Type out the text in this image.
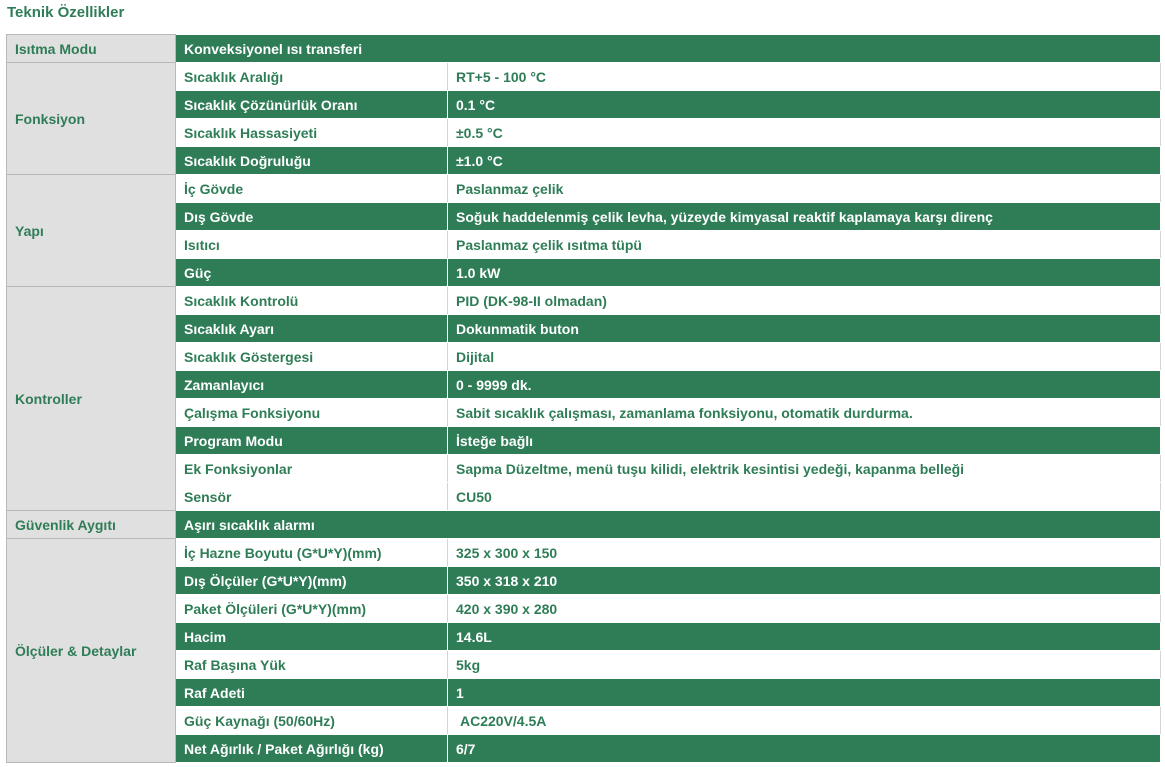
Teknik Özellikler
Isıtma Modu	Konveksiyonel ısı transferi	
Fonksiyon	Sıcaklık Aralığı	RT+5 - 100 °C
	Sıcaklık Çözünürlük Oranı	0.1 °C
	Sıcaklık Hassasiyeti	±0.5 °C
	Sıcaklık Doğruluğu	±1.0 °C
Yapı	İç Gövde	Paslanmaz çelik
	Dış Gövde	Soğuk haddelenmiş çelik levha, yüzeyde kimyasal reaktif kaplamaya karşı direnç
	Isıtıcı	Paslanmaz çelik ısıtma tüpü
	Güç	1.0 kW
Kontroller	Sıcaklık Kontrolü	PID (DK-98-II olmadan)
	Sıcaklık Ayarı	Dokunmatik buton
	Sıcaklık Göstergesi	Dijital
	Zamanlayıcı	0 - 9999 dk.
	Çalışma Fonksiyonu	Sabit sıcaklık çalışması, zamanlama fonksiyonu, otomatik durdurma.
	Program Modu	İsteğe bağlı
	Ek Fonksiyonlar	Sapma Düzeltme, menü tuşu kilidi, elektrik kesintisi yedeği, kapanma belleği
	Sensör	CU50
Güvenlik Aygıtı	Aşırı sıcaklık alarmı	
Ölçüler & Detaylar	İç Hazne Boyutu (G*U*Y)(mm)	325 x 300 x 150
	Dış Ölçüler (G*U*Y)(mm)	350 x 318 x 210
	Paket Ölçüleri (G*U*Y)(mm)	420 x 390 x 280
	Hacim	14.6L
	Raf Başına Yük	5kg
	Raf Adeti	1
	Güç Kaynağı (50/60Hz)	AC220V/4.5A
	Net Ağırlık / Paket Ağırlığı (kg)	6/7
